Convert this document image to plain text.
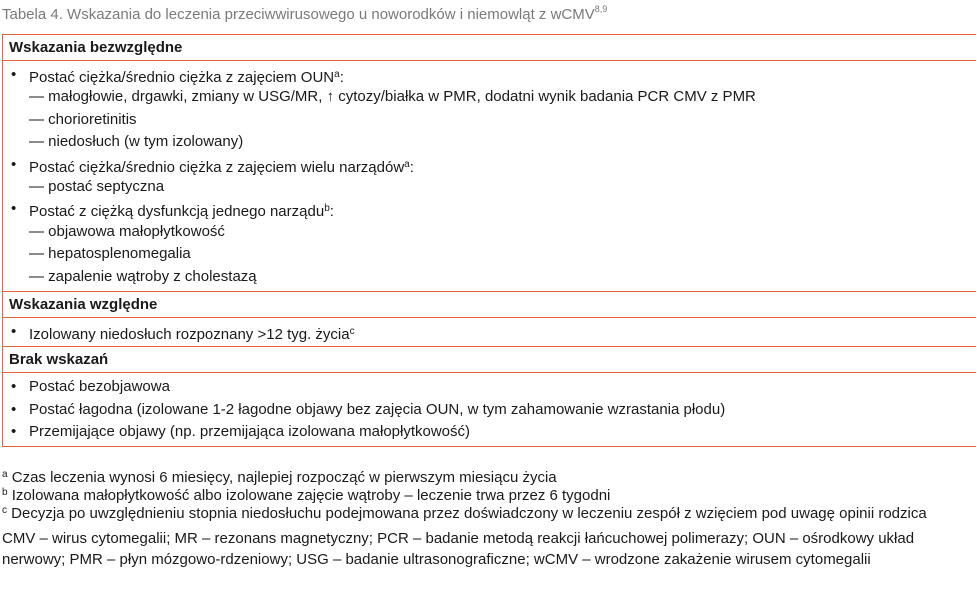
Tabela 4. Wskazania do leczenia przeciwwirusowego u noworodków i niemowląt z wCMV$^{8,9}$
Wskazania bezwzględne
• Postać ciężka/średnio ciężka z zajęciem OUN$^a$:
— małogłowie, drgawki, zmiany w USG/MR, ↑ cytozy/białka w PMR, dodatni wynik badania PCR CMV z PMR
— chorioretinitis
— niedosłuch (w tym izolowany)
• Postać ciężka/średnio ciężka z zajęciem wielu narządów$^a$:
— postać septyczna
• Postać z ciężką dysfunkcją jednego narządu$^b$:
— objawowa małopłytkowość
— hepatosplenomegalia
— zapalenie wątroby z cholestazą
Wskazania względne
• Izolowany niedosłuch rozpoznany >12 tyg. życia$^c$
Brak wskazań
• Postać bezobjawowa
• Postać łagodna (izolowane 1-2 łagodne objawy bez zajęcia OUN, w tym zahamowanie wzrastania płodu)
• Przemijające objawy (np. przemijająca izolowana małopłytkowość)
$^a$ Czas leczenia wynosi 6 miesięcy, najlepiej rozpocząć w pierwszym miesiącu życia
$^b$ Izolowana małopłytkowość albo izolowane zajęcie wątroby – leczenie trwa przez 6 tygodni
$^c$ Decyzja po uwzględnieniu stopnia niedosłuchu podejmowana przez doświadczony w leczeniu zespół z wzięciem pod uwagę opinii rodzica
CMV – wirus cytomegalii; MR – rezonans magnetyczny; PCR – badanie metodą reakcji łańcuchowej polimerazy; OUN – ośrodkowy układ nerwowy; PMR – płyn mózgowo-rdzeniowy; USG – badanie ultrasonograficzne; wCMV – wrodzone zakażenie wirusem cytomegalii
